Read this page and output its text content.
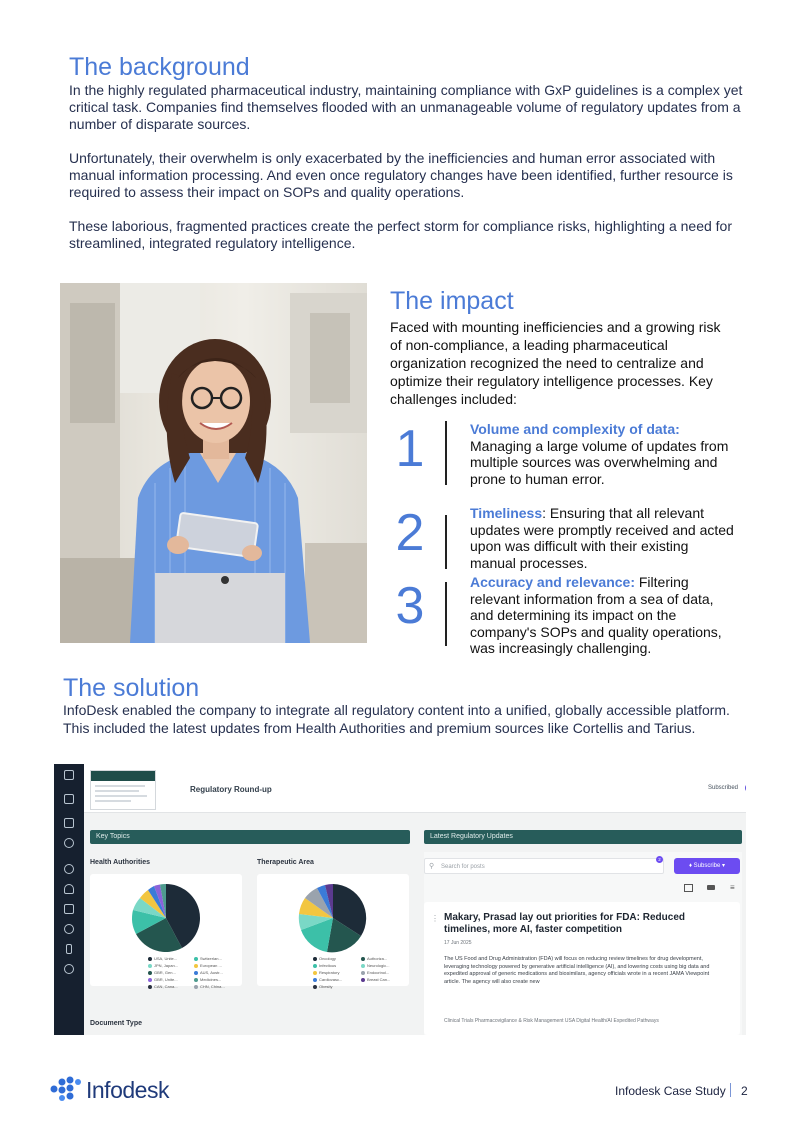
The background

In the highly regulated pharmaceutical industry, maintaining compliance with GxP guidelines is a complex yet critical task. Companies find themselves flooded with an unmanageable volume of regulatory updates from a number of disparate sources.

Unfortunately, their overwhelm is only exacerbated by the inefficiencies and human error associated with manual information processing. And even once regulatory changes have been identified, further resource is required to assess their impact on SOPs and quality operations.

These laborious, fragmented practices create the perfect storm for compliance risks, highlighting a need for streamlined, integrated regulatory intelligence.

The impact
Faced with mounting inefficiencies and a growing risk of non-compliance, a leading pharmaceutical organization recognized the need to centralize and optimize their regulatory intelligence processes. Key challenges included:
1	Volume and complexity of data: Managing a large volume of updates from multiple sources was overwhelming and prone to human error.
2	Timeliness: Ensuring that all relevant updates were promptly received and acted upon was difficult with their existing manual processes.
3	Accuracy and relevance: Filtering relevant information from a sea of data, and determining its impact on the company's SOPs and quality operations, was increasingly challenging.
The solution
InfoDesk enabled the company to integrate all regulatory content into a unified, globally accessible platform. This included the latest updates from Health Authorities and premium sources like Cortellis and Tarius.
Regulatory Round-up	Subscribed
Key Topics	Latest Regulatory Updates
Health Authorities	Therapeutic Area
USA, Unite...	Switzerlan...
JPN, Japan...	European ...
GBR, Gen...	AUS, Austr...
GBR, Unite...	Medicines...
CAN, Cana...	CHN, China...
Oncology	Authoriza...
Infectious	Neurologic...
Respiratory	Endocrinol...
Cardiovasc...	Breast Can...
Obesity
Document Type
Search for posts
⚲
2
♦ Subscribe ▾
≡
⋮ Makary, Prasad lay out priorities for FDA: Reduced timelines, more AI, faster competition
17 Jun 2025
The US Food and Drug Administration (FDA) will focus on reducing review timelines for drug development, leveraging technology powered by generative artificial intelligence (AI), and lowering costs using big data and expedited approval of generic medications and biosimilars, agency officials wrote in a recent JAMA Viewpoint article. The agency will also create new
Clinical Trials Pharmacovigilance & Risk Management USA Digital Health/AI Expedited Pathways
Infodesk	Infodesk Case Study 2
